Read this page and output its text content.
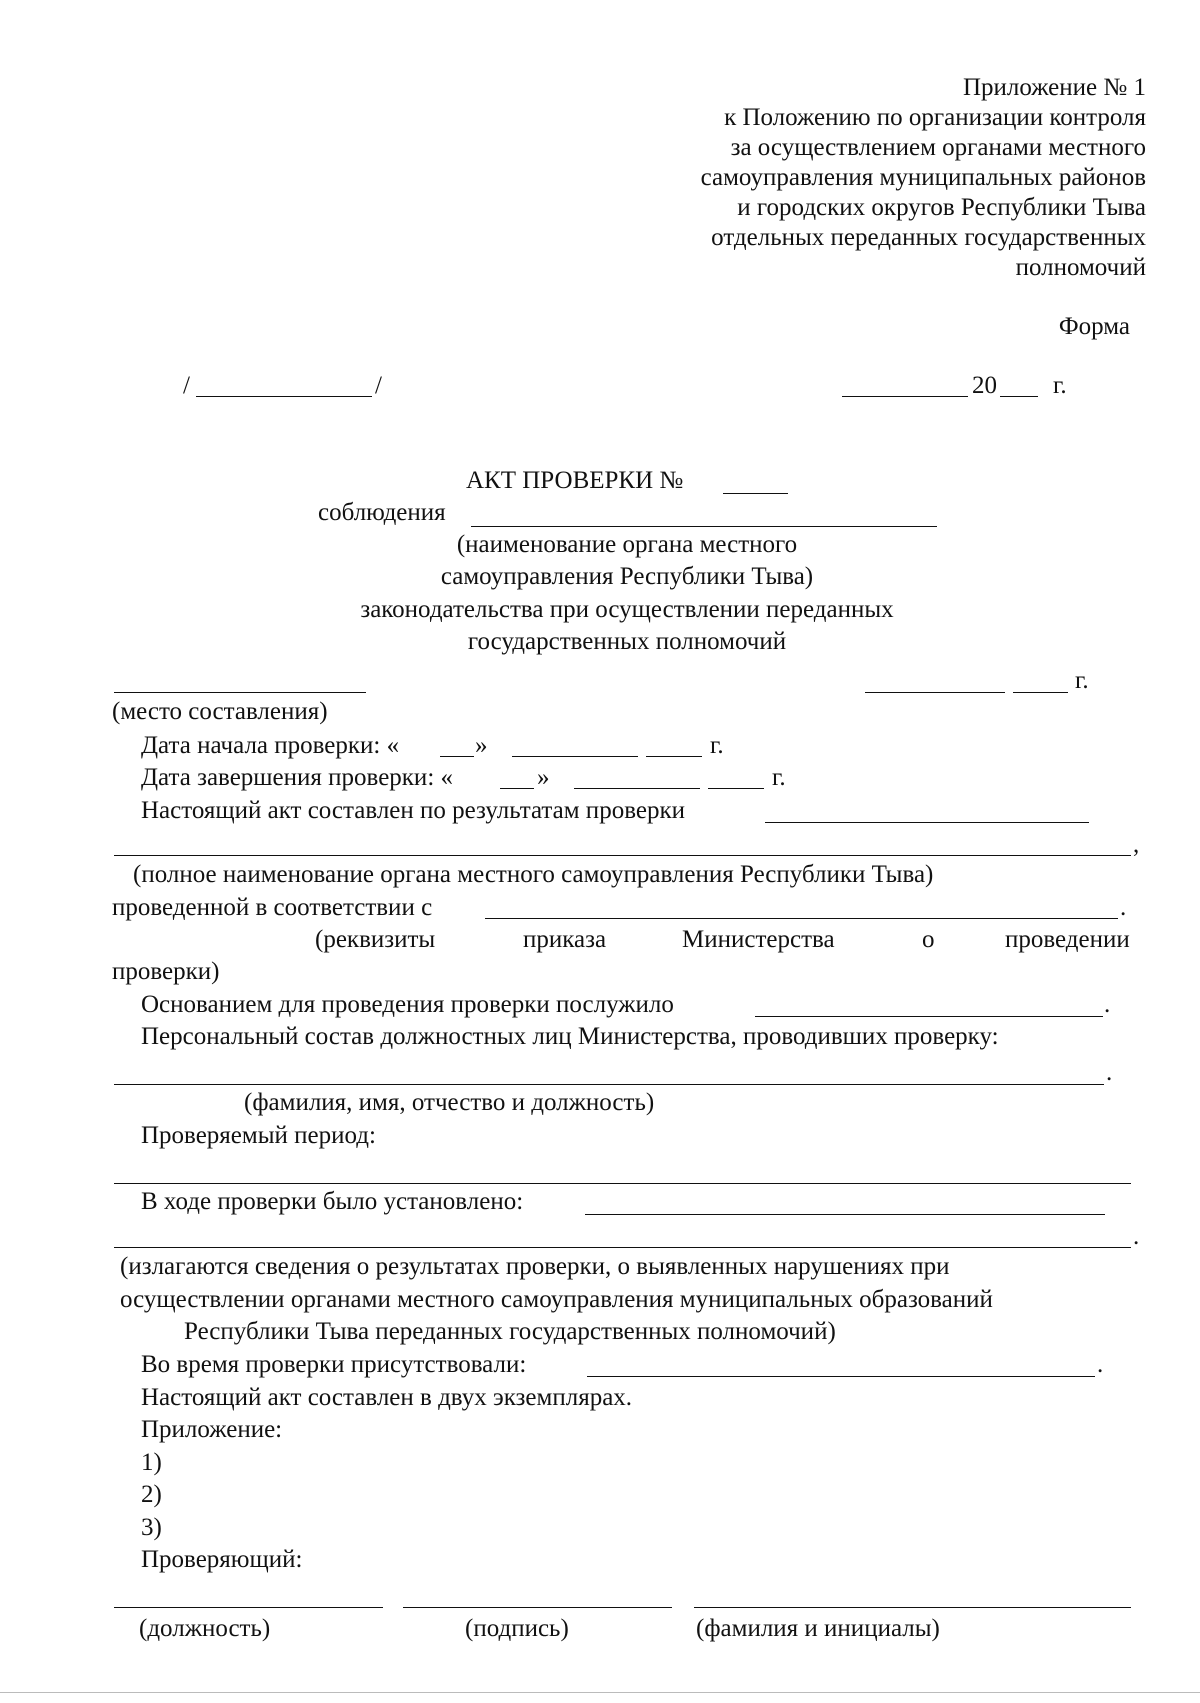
Приложение № 1
к Положению по организации контроля
за осуществлением органами местного
самоуправления муниципальных районов
и городских округов Республики Тыва
отдельных переданных государственных
полномочий
Форма
/	/	20 г.
АКТ ПРОВЕРКИ №
соблюдения
(наименование органа местного
самоуправления Республики Тыва)
законодательства при осуществлении переданных
государственных полномочий
г.
(место составления)
Дата начала проверки: «	»	г.
Дата завершения проверки: «	»	г.
Настоящий акт составлен по результатам проверки
,
(полное наименование органа местного самоуправления Республики Тыва)
проведенной в соответствии с	.
(реквизиты	приказа	Министерства	о	проведении
проверки)
Основанием для проведения проверки послужило	.
Персональный состав должностных лиц Министерства, проводивших проверку:
.
(фамилия, имя, отчество и должность)
Проверяемый период:
В ходе проверки было установлено:
.
(излагаются сведения о результатах проверки, о выявленных нарушениях при
осуществлении органами местного самоуправления муниципальных образований
Республики Тыва переданных государственных полномочий)
Во время проверки присутствовали:	.
Настоящий акт составлен в двух экземплярах.
Приложение:
1)
2)
3)
Проверяющий:
(должность)	(подпись)	(фамилия и инициалы)
